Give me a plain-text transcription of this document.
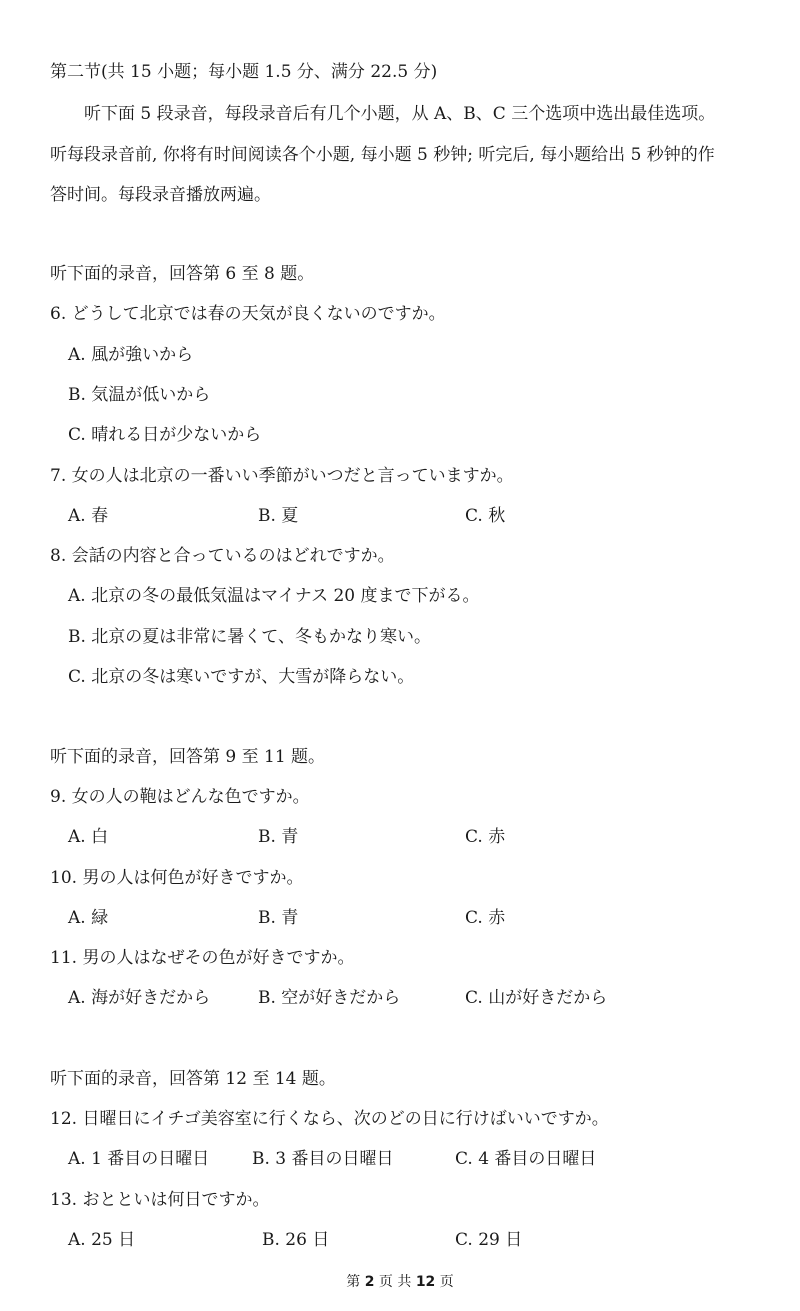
第二节(共 15 小题；每小题 1.5 分、满分 22.5 分)
听下面 5 段录音，每段录音后有几个小题，从 A、B、C 三个选项中选出最佳选项。
听每段录音前, 你将有时间阅读各个小题, 每小题 5 秒钟; 听完后, 每小题给出 5 秒钟的作
答时间。每段录音播放两遍。
听下面的录音，回答第 6 至 8 题。
6. どうして北京では春の天気が良くないのですか。
A. 風が強いから
B. 気温が低いから
C. 晴れる日が少ないから
7. 女の人は北京の一番いい季節がいつだと言っていますか。
A. 春	B. 夏	C. 秋
8. 会話の内容と合っているのはどれですか。
A. 北京の冬の最低気温はマイナス 20 度まで下がる。
B. 北京の夏は非常に暑くて、冬もかなり寒い。
C. 北京の冬は寒いですが、大雪が降らない。
听下面的录音，回答第 9 至 11 题。
9. 女の人の鞄はどんな色ですか。
A. 白	B. 青	C. 赤
10. 男の人は何色が好きですか。
A. 緑	B. 青	C. 赤
11. 男の人はなぜその色が好きですか。
A. 海が好きだから	B. 空が好きだから	C. 山が好きだから
听下面的录音，回答第 12 至 14 题。
12. 日曜日にイチゴ美容室に行くなら、次のどの日に行けばいいですか。
A. 1 番目の日曜日	B. 3 番目の日曜日	C. 4 番目の日曜日
13. おとといは何日ですか。
A. 25 日	B. 26 日	C. 29 日
第 2 页 共 12 页
